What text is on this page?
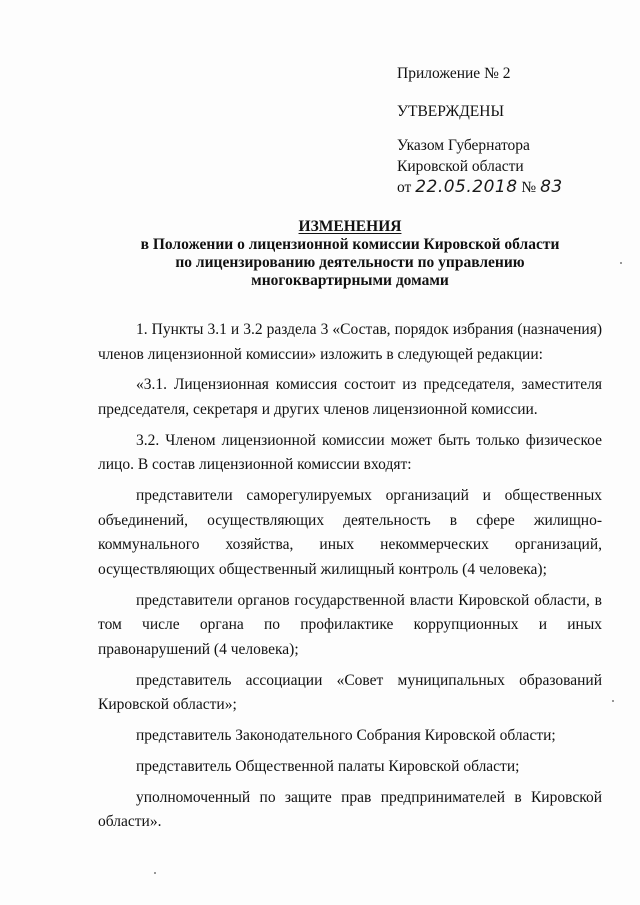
Приложение № 2
УТВЕРЖДЕНЫ
Указом Губернатора
Кировской области
от 22.05.2018 № 83
ИЗМЕНЕНИЯ
в Положении о лицензионной комиссии Кировской области
по лицензированию деятельности по управлению
многоквартирными домами

1. Пункты 3.1 и 3.2 раздела 3 «Состав, порядок избрания (назначения) членов лицензионной комиссии» изложить в следующей редакции:

«3.1. Лицензионная комиссия состоит из председателя, заместителя председателя, секретаря и других членов лицензионной комиссии.

3.2. Членом лицензионной комиссии может быть только физическое лицо. В состав лицензионной комиссии входят:

представители саморегулируемых организаций и общественных объединений, осуществляющих деятельность в сфере жилищно-коммунального хозяйства, иных некоммерческих организаций, осуществляющих общественный жилищный контроль (4 человека);

представители органов государственной власти Кировской области, в том числе органа по профилактике коррупционных и иных правонарушений (4 человека);

представитель ассоциации «Совет муниципальных образований Кировской области»;

представитель Законодательного Собрания Кировской области;

представитель Общественной палаты Кировской области;

уполномоченный по защите прав предпринимателей в Кировской области».
